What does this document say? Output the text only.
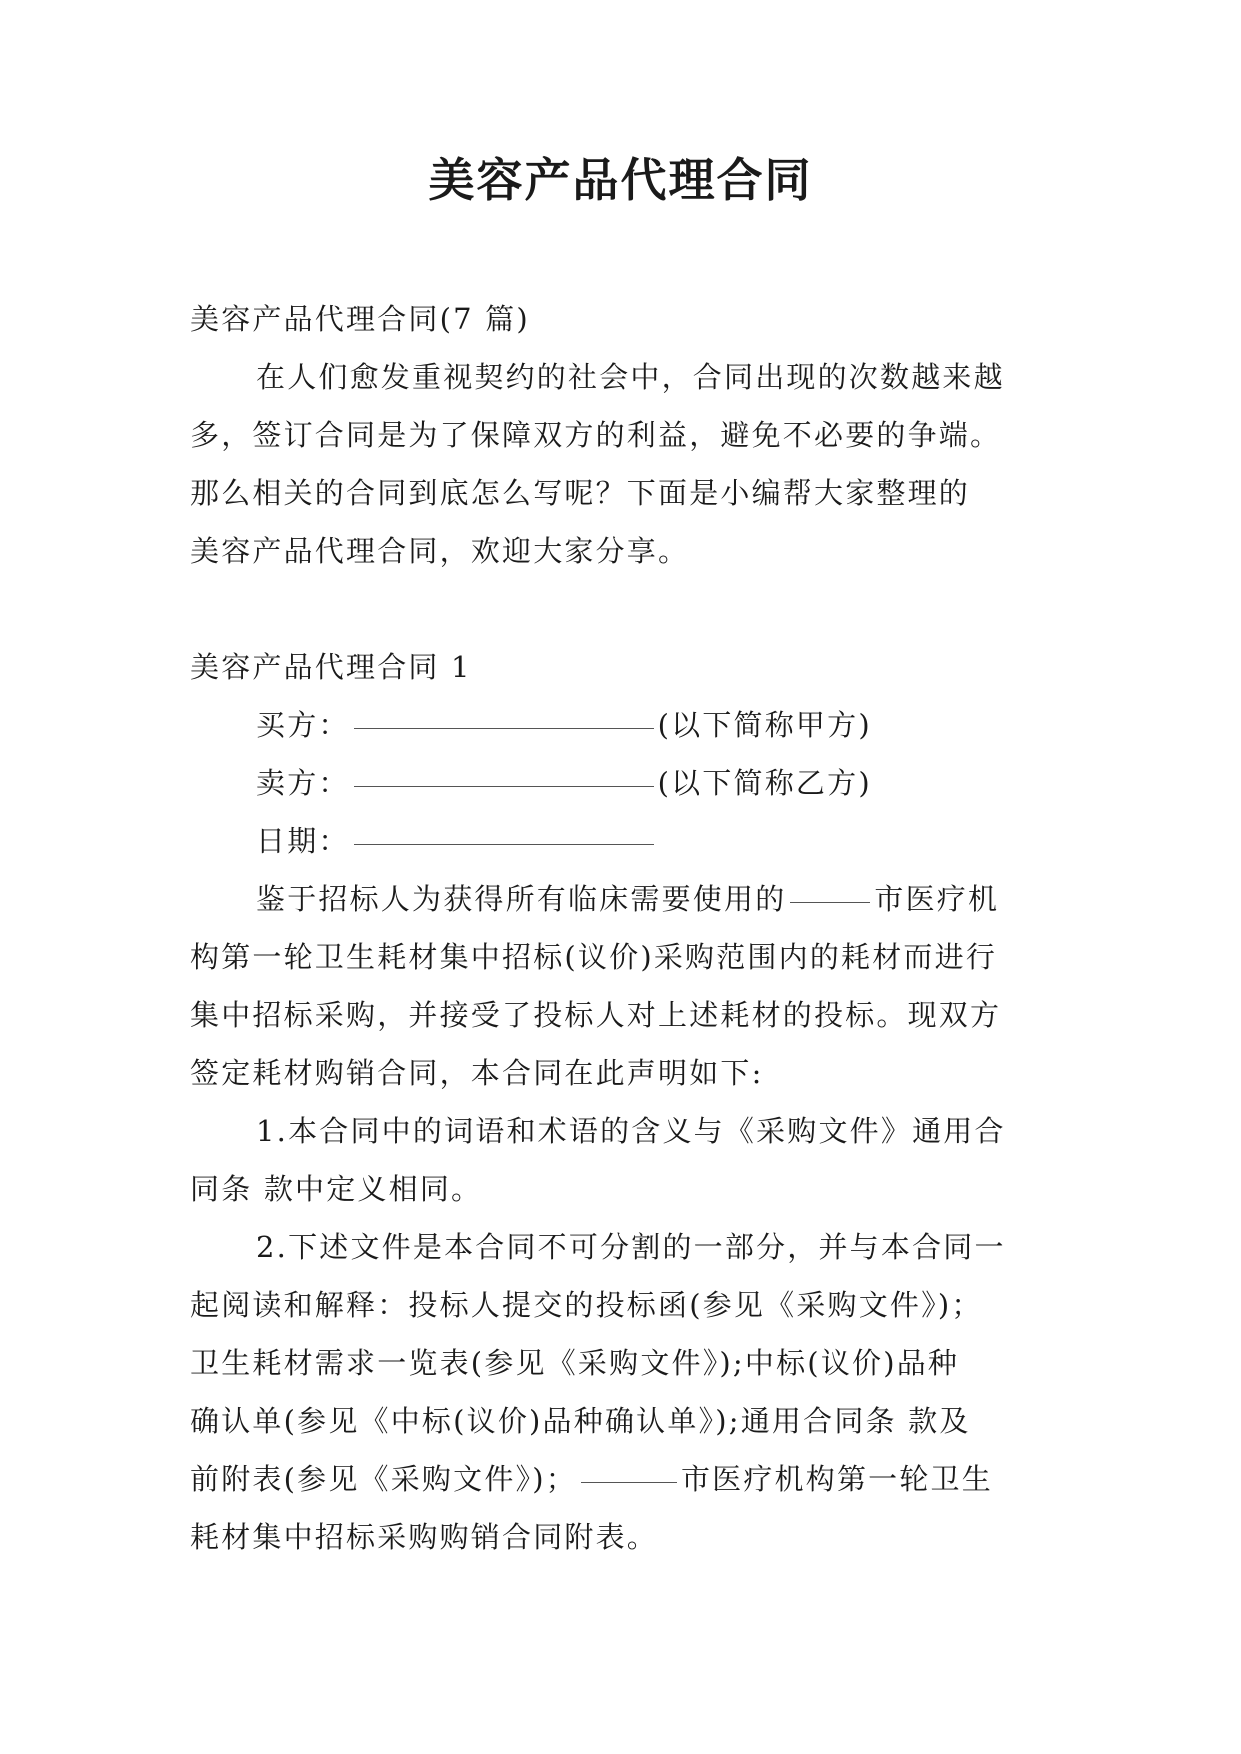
美容产品代理合同
美容产品代理合同(7 篇)
在人们愈发重视契约的社会中，合同出现的次数越来越
多，签订合同是为了保障双方的利益，避免不必要的争端。
那么相关的合同到底怎么写呢？下面是小编帮大家整理的
美容产品代理合同，欢迎大家分享。
美容产品代理合同 1
买方：	(以下简称甲方)
卖方：	(以下简称乙方)
日期：
鉴于招标人为获得所有临床需要使用的	市医疗机
构第一轮卫生耗材集中招标(议价)采购范围内的耗材而进行
集中招标采购，并接受了投标人对上述耗材的投标。现双方
签定耗材购销合同，本合同在此声明如下:
1.本合同中的词语和术语的含义与《采购文件》通用合
同条 款中定义相同。
2.下述文件是本合同不可分割的一部分，并与本合同一
起阅读和解释：投标人提交的投标函(参见《采购文件》)；
卫生耗材需求一览表(参见《采购文件》);中标(议价)品种
确认单(参见《中标(议价)品种确认单》);通用合同条 款及
前附表(参见《采购文件》)；	市医疗机构第一轮卫生
耗材集中招标采购购销合同附表。
